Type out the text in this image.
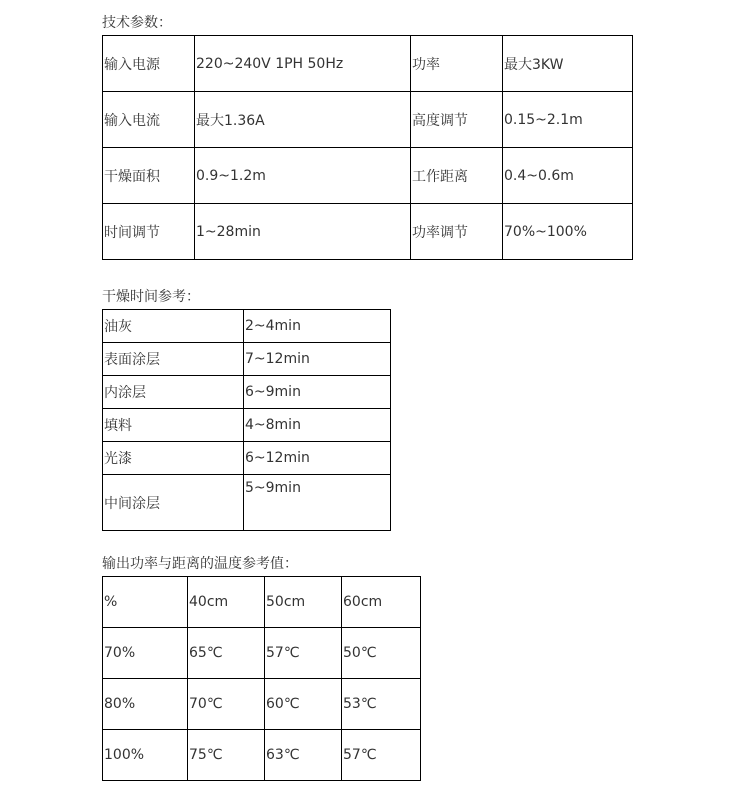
技术参数：
输入电源	220~240V 1PH 50Hz	功率	最大3KW
输入电流	最大1.36A	高度调节	0.15~2.1m
干燥面积	0.9~1.2m	工作距离	0.4~0.6m
时间调节	1~28min	功率调节	70%~100%
干燥时间参考：
油灰	2~4min
表面涂层	7~12min
内涂层	6~9min
填料	4~8min
光漆	6~12min
中间涂层	5~9min
输出功率与距离的温度参考值：
%	40cm	50cm	60cm
70%	65℃	57℃	50℃
80%	70℃	60℃	53℃
100%	75℃	63℃	57℃
